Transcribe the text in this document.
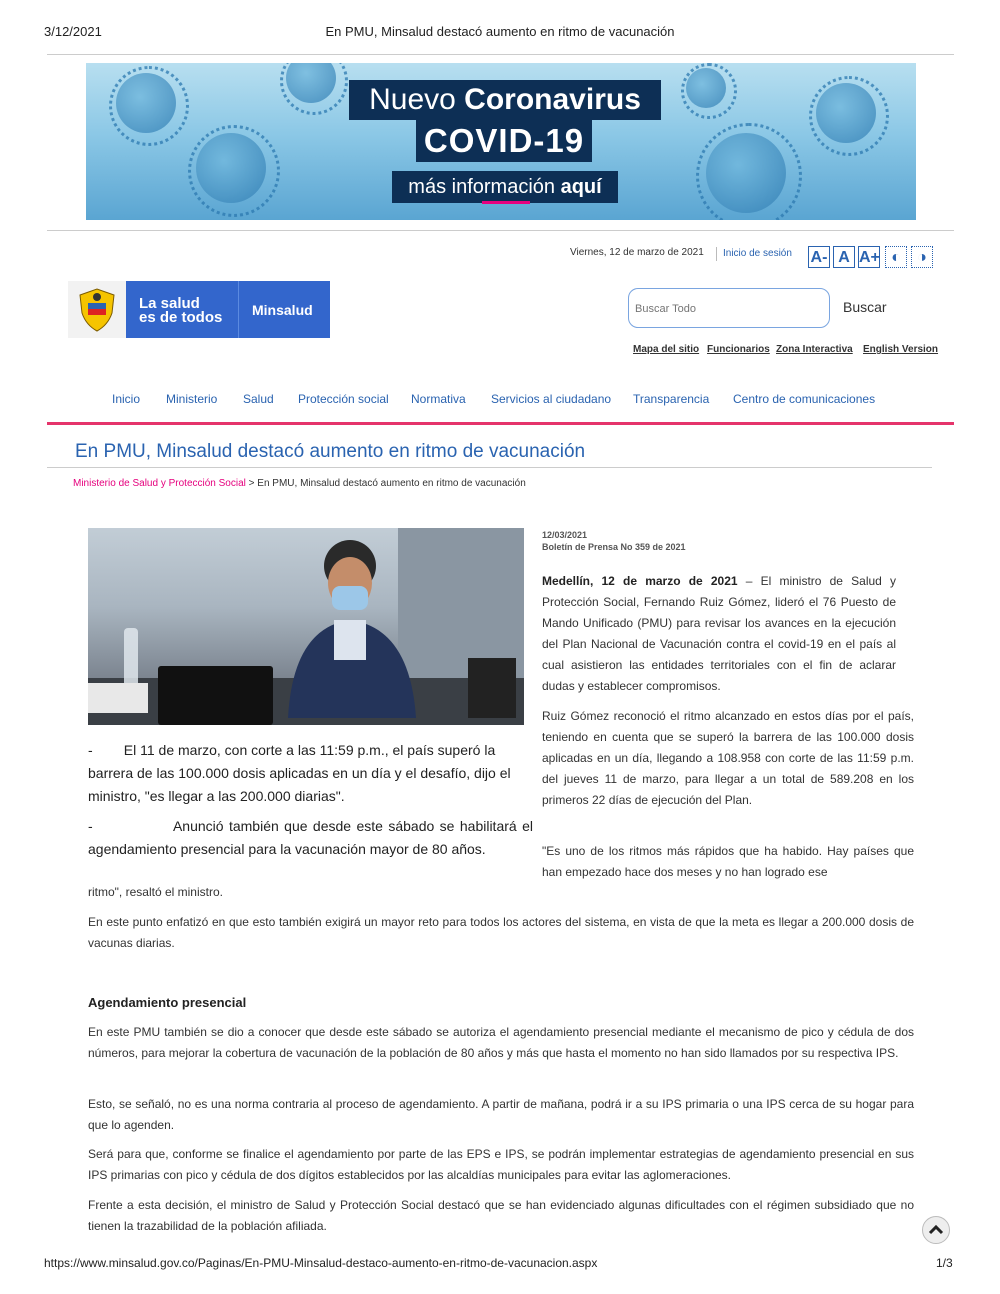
3/12/2021	En PMU, Minsalud destacó aumento en ritmo de vacunación
Nuevo Coronavirus
COVID-19
más información aquí
Viernes, 12 de marzo de 2021 Inicio de sesión A- A A+ ◐	◑
La salud
es de todos Minsalud
Buscar Todo	Buscar
Mapa del sitio Funcionarios Zona Interactiva English Version
Inicio Ministerio Salud Protección social Normativa Servicios al ciudadano Transparencia Centro de comunicaciones
En PMU, Minsalud destacó aumento en ritmo de vacunación
Ministerio de Salud y Protección Social > En PMU, Minsalud destacó aumento en ritmo de vacunación
12/03/2021
Boletín de Prensa No 359 de 2021
Medellín, 12 de marzo de 2021 – El ministro de Salud y Protección Social, Fernando Ruiz Gómez, lideró el 76 Puesto de Mando Unificado (PMU) para revisar los avances en la ejecución del Plan Nacional de Vacunación contra el covid-19 en el país al cual asistieron las entidades territoriales con el fin de aclarar dudas y establecer compromisos.
Ruiz Gómez reconoció el ritmo alcanzado en estos días por el país, teniendo en cuenta que se superó la barrera de las 100.000 dosis aplicadas en un día, llegando a 108.958 con corte de las 11:59 p.m. del jueves 11 de marzo, para llegar a un total de 589.208 en los primeros 22 días de ejecución del Plan.
"Es uno de los ritmos más rápidos que ha habido. Hay países que han empezado hace dos meses y no han logrado ese
-        El 11 de marzo, con corte a las 11:59 p.m., el país superó la barrera de las 100.000 dosis aplicadas en un día y el desafío, dijo el ministro, "es llegar a las 200.000 diarias".
-               Anunció también que desde este sábado se habilitará el agendamiento presencial para la vacunación mayor de 80 años.
ritmo", resaltó el ministro.
En este punto enfatizó en que esto también exigirá un mayor reto para todos los actores del sistema, en vista de que la meta es llegar a 200.000 dosis de vacunas diarias.
Agendamiento presencial
En este PMU también se dio a conocer que desde este sábado se autoriza el agendamiento presencial mediante el mecanismo de pico y cédula de dos números, para mejorar la cobertura de vacunación de la población de 80 años y más que hasta el momento no han sido llamados por su respectiva IPS.
Esto, se señaló, no es una norma contraria al proceso de agendamiento. A partir de mañana, podrá ir a su IPS primaria o una IPS cerca de su hogar para que lo agenden.
Será para que, conforme se finalice el agendamiento por parte de las EPS e IPS, se podrán implementar estrategias de agendamiento presencial en sus IPS primarias con pico y cédula de dos dígitos establecidos por las alcaldías municipales para evitar las aglomeraciones.
Frente a esta decisión, el ministro de Salud y Protección Social destacó que se han evidenciado algunas dificultades con el régimen subsidiado que no tienen la trazabilidad de la población afiliada.
https://www.minsalud.gov.co/Paginas/En-PMU-Minsalud-destaco-aumento-en-ritmo-de-vacunacion.aspx	1/3
